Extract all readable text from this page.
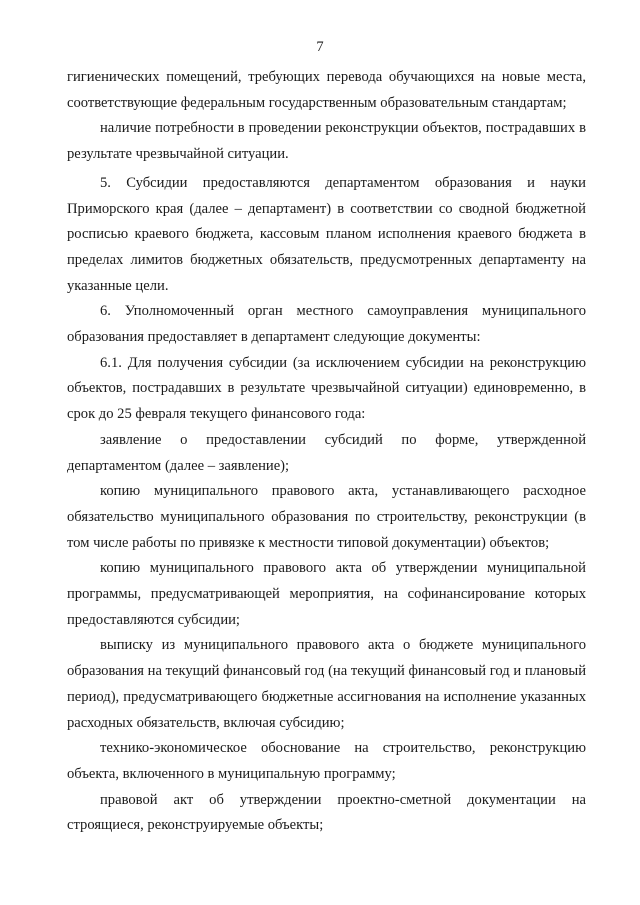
7

гигиенических помещений, требующих перевода обучающихся на новые места, соответствующие федеральным государственным образовательным стандартам;

наличие потребности в проведении реконструкции объектов, пострадавших в результате чрезвычайной ситуации.

5. Субсидии предоставляются департаментом образования и науки Приморского края (далее – департамент) в соответствии со сводной бюджетной росписью краевого бюджета, кассовым планом исполнения краевого бюджета в пределах лимитов бюджетных обязательств, предусмотренных департаменту на указанные цели.

6. Уполномоченный орган местного самоуправления муниципального образования предоставляет в департамент следующие документы:

6.1. Для получения субсидии (за исключением субсидии на реконструкцию объектов, пострадавших в результате чрезвычайной ситуации) единовременно, в срок до 25 февраля текущего финансового года:

заявление о предоставлении субсидий по форме, утвержденной департаментом (далее – заявление);

копию муниципального правового акта, устанавливающего расходное обязательство муниципального образования по строительству, реконструкции (в том числе работы по привязке к местности типовой документации) объектов;

копию муниципального правового акта об утверждении муниципальной программы, предусматривающей мероприятия, на софинансирование которых предоставляются субсидии;

выписку из муниципального правового акта о бюджете муниципального образования на текущий финансовый год (на текущий финансовый год и плановый период), предусматривающего бюджетные ассигнования на исполнение указанных расходных обязательств, включая субсидию;

технико-экономическое обоснование на строительство, реконструкцию объекта, включенного в муниципальную программу;

правовой акт об утверждении проектно-сметной документации на строящиеся, реконструируемые объекты;
